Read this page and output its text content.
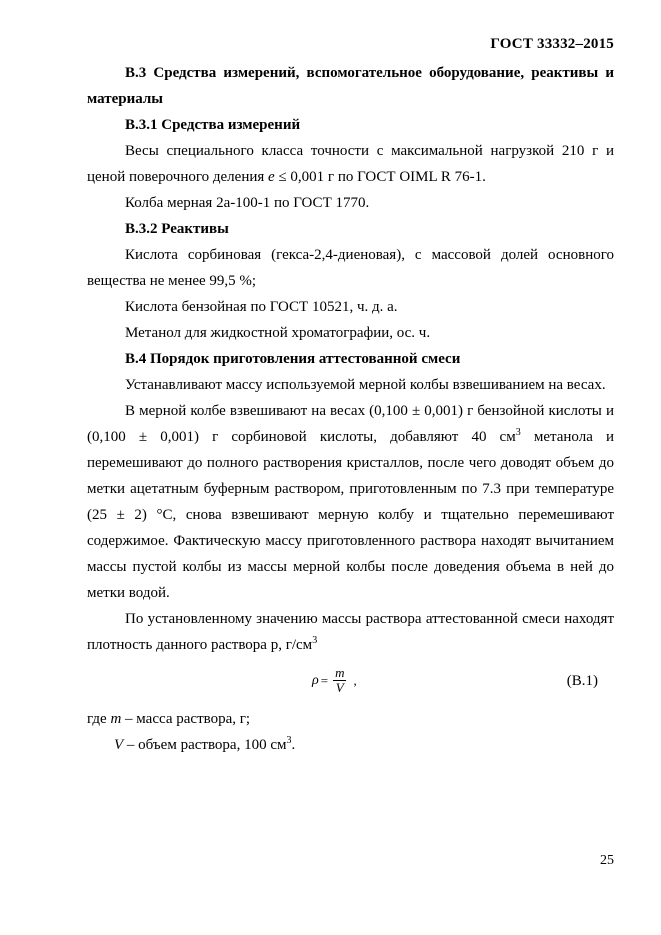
ГОСТ 33332–2015

В.3 Средства измерений, вспомогательное оборудование, реактивы и материалы

В.3.1 Средства измерений

Весы специального класса точности с максимальной нагрузкой 210 г и ценой поверочного деления e ≤ 0,001 г по ГОСТ OIML R 76-1.

Колба мерная 2а-100-1 по ГОСТ 1770.

В.3.2 Реактивы

Кислота сорбиновая (гекса-2,4-диеновая), с массовой долей основного вещества не менее 99,5 %;

Кислота бензойная по ГОСТ 10521, ч. д. а.

Метанол для жидкостной хроматографии, ос. ч.

В.4 Порядок приготовления аттестованной смеси

Устанавливают массу используемой мерной колбы взвешиванием на весах.

В мерной колбе взвешивают на весах (0,100 ± 0,001) г бензойной кислоты и (0,100 ± 0,001) г сорбиновой кислоты, добавляют 40 $см^3$ метанола и перемешивают до полного растворения кристаллов, после чего доводят объем до метки ацетатным буферным раствором, приготовленным по 7.3 при температуре (25 ± 2) °С, снова взвешивают мерную колбу и тщательно перемешивают содержимое. Фактическую массу приготовленного раствора находят вычитанием массы пустой колбы из массы мерной колбы после доведения объема в ней до метки водой.

По установленному значению массы раствора аттестованной смеси находят плотность данного раствора р, $г/см^3$

$\rho = \frac{m}{V}$ ,	(В.1)

где m – масса раствора, г;

V – объем раствора, 100 $см^3$.

25
